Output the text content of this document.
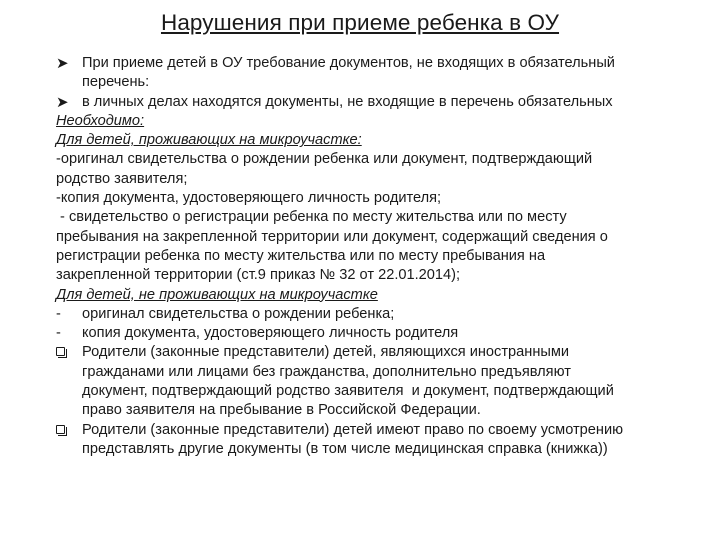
Нарушения при приеме ребенка в ОУ
➤ При приеме детей в ОУ требование документов, не входящих в обязательный
перечень:
➤ в личных делах находятся документы, не входящие в перечень обязательных
Необходимо:
Для детей, проживающих на микроучастке:
-оригинал свидетельства о рождении ребенка или документ, подтверждающий
родство заявителя;
-копия документа, удостоверяющего личность родителя;
- свидетельство о регистрации ребенка по месту жительства или по месту
пребывания на закрепленной территории или документ, содержащий сведения о
регистрации ребенка по месту жительства или по месту пребывания на
закрепленной территории (ст.9 приказ № 32 от 22.01.2014);
Для детей, не проживающих на микроучастке
- оригинал свидетельства о рождении ребенка;
- копия документа, удостоверяющего личность родителя
Родители (законные представители) детей, являющихся иностранными
гражданами или лицами без гражданства, дополнительно предъявляют
документ, подтверждающий родство заявителя  и документ, подтверждающий
право заявителя на пребывание в Российской Федерации.
Родители (законные представители) детей имеют право по своему усмотрению
представлять другие документы (в том числе медицинская справка (книжка))
